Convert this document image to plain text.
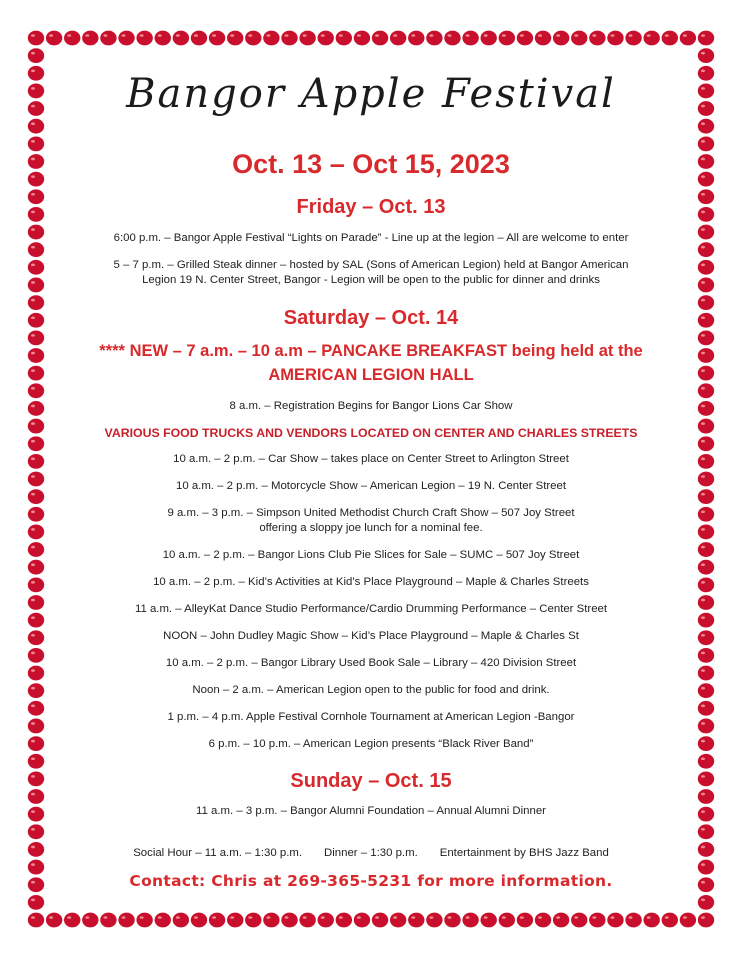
Bangor Apple Festival
Oct. 13 – Oct 15, 2023
Friday – Oct. 13
6:00 p.m. – Bangor Apple Festival “Lights on Parade” - Line up at the legion – All are welcome to enter
5 – 7 p.m. – Grilled Steak dinner – hosted by SAL (Sons of American Legion) held at Bangor American
Legion 19 N. Center Street, Bangor - Legion will be open to the public for dinner and drinks
Saturday – Oct. 14
**** NEW – 7 a.m. – 10 a.m – PANCAKE BREAKFAST being held at the
AMERICAN LEGION HALL
8 a.m. – Registration Begins for Bangor Lions Car Show
VARIOUS FOOD TRUCKS AND VENDORS LOCATED ON CENTER AND CHARLES STREETS
10 a.m. – 2 p.m. – Car Show – takes place on Center Street to Arlington Street
10 a.m. – 2 p.m. – Motorcycle Show – American Legion – 19 N. Center Street
9 a.m. – 3 p.m. – Simpson United Methodist Church Craft Show – 507 Joy Street
offering a sloppy joe lunch for a nominal fee.
10 a.m. – 2 p.m. – Bangor Lions Club Pie Slices for Sale – SUMC – 507 Joy Street
10 a.m. – 2 p.m. – Kid’s Activities at Kid’s Place Playground – Maple & Charles Streets
11 a.m. – AlleyKat Dance Studio Performance/Cardio Drumming Performance – Center Street
NOON – John Dudley Magic Show – Kid’s Place Playground – Maple & Charles St
10 a.m. – 2 p.m. – Bangor Library Used Book Sale – Library – 420 Division Street
Noon – 2 a.m. – American Legion open to the public for food and drink.
1 p.m. – 4 p.m. Apple Festival Cornhole Tournament at American Legion -Bangor
6 p.m. – 10 p.m. – American Legion presents “Black River Band”
Sunday – Oct. 15
11 a.m. – 3 p.m. – Bangor Alumni Foundation – Annual Alumni Dinner

Social Hour – 11 a.m. – 1:30 p.m. Dinner – 1:30 p.m. Entertainment by BHS Jazz Band

Contact: Chris at 269-365-5231 for more information.
